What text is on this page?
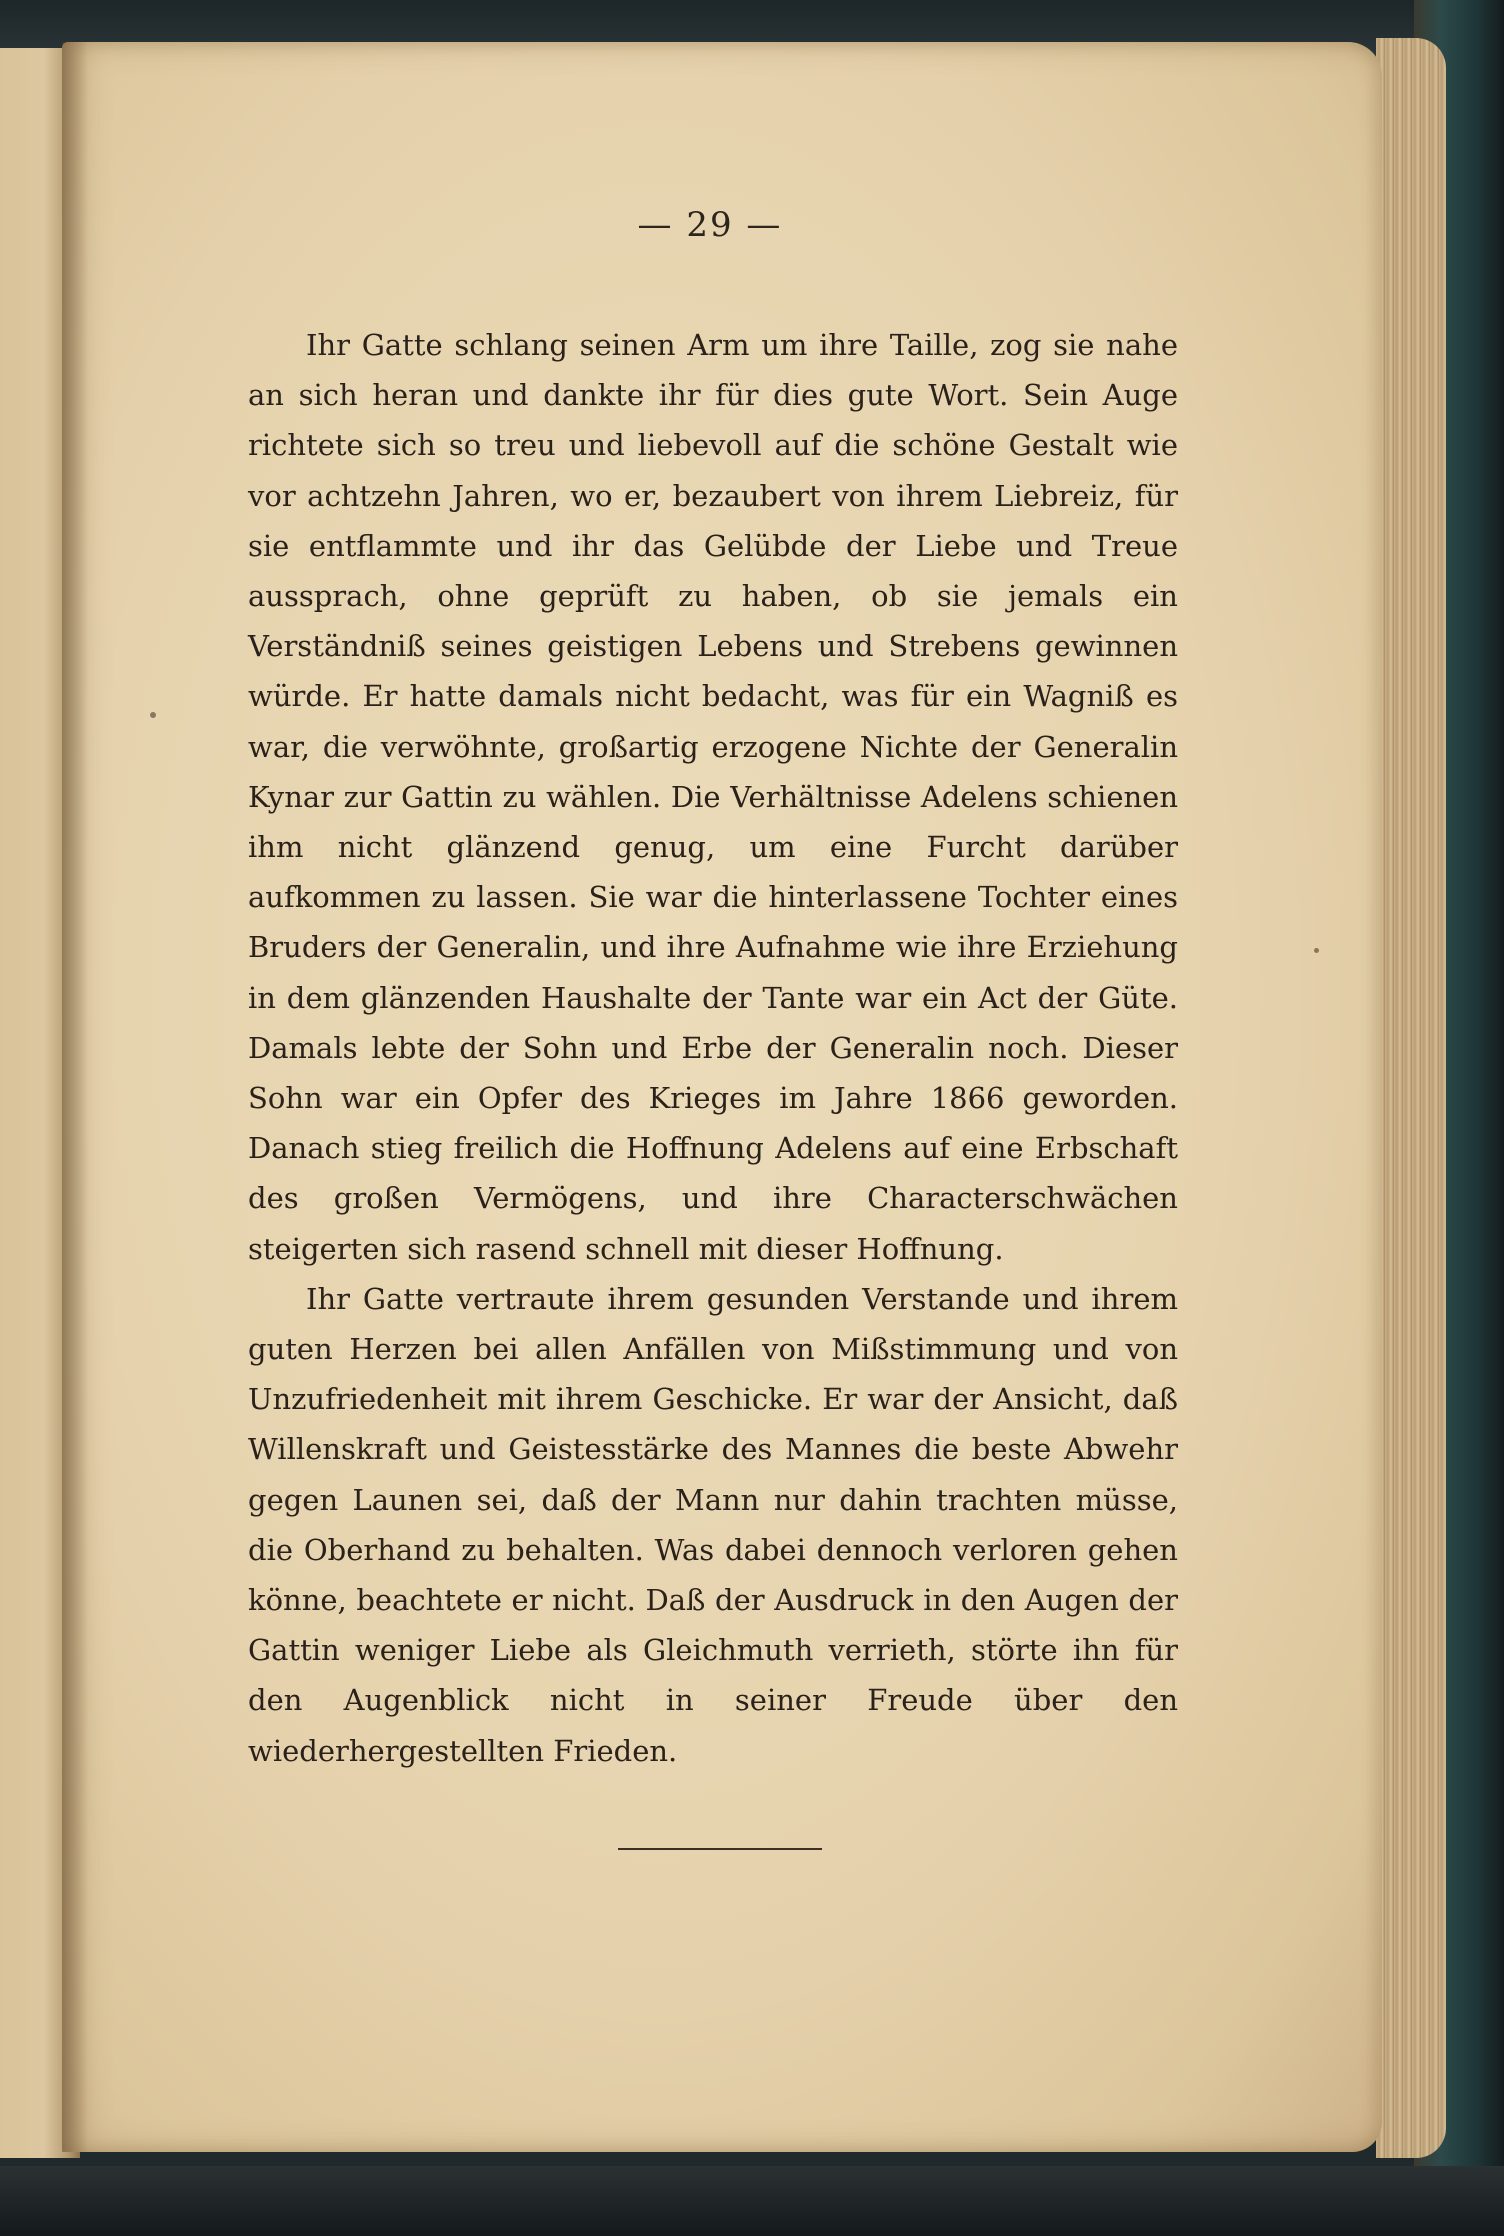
— 29 —

Ihr Gatte schlang seinen Arm um ihre Taille, zog sie nahe an sich heran und dankte ihr für dies gute Wort. Sein Auge richtete sich so treu und liebevoll auf die schöne Gestalt wie vor achtzehn Jahren, wo er, bezaubert von ihrem Liebreiz, für sie entflammte und ihr das Gelübde der Liebe und Treue aussprach, ohne geprüft zu haben, ob sie jemals ein Verständniß seines geistigen Lebens und Strebens gewinnen würde. Er hatte damals nicht bedacht, was für ein Wagniß es war, die verwöhnte, großartig erzogene Nichte der Generalin Kynar zur Gattin zu wählen. Die Verhältnisse Adelens schienen ihm nicht glänzend genug, um eine Furcht darüber aufkommen zu lassen. Sie war die hinterlassene Tochter eines Bruders der Generalin, und ihre Aufnahme wie ihre Erziehung in dem glänzenden Haushalte der Tante war ein Act der Güte. Damals lebte der Sohn und Erbe der Generalin noch. Dieser Sohn war ein Opfer des Krieges im Jahre 1866 geworden. Danach stieg freilich die Hoffnung Adelens auf eine Erbschaft des großen Vermögens, und ihre Characterschwächen steigerten sich rasend schnell mit dieser Hoffnung.

Ihr Gatte vertraute ihrem gesunden Verstande und ihrem guten Herzen bei allen Anfällen von Mißstimmung und von Unzufriedenheit mit ihrem Geschicke. Er war der Ansicht, daß Willenskraft und Geistesstärke des Mannes die beste Abwehr gegen Launen sei, daß der Mann nur dahin trachten müsse, die Oberhand zu behalten. Was dabei dennoch verloren gehen könne, beachtete er nicht. Daß der Ausdruck in den Augen der Gattin weniger Liebe als Gleichmuth verrieth, störte ihn für den Augenblick nicht in seiner Freude über den wiederhergestellten Frieden.
